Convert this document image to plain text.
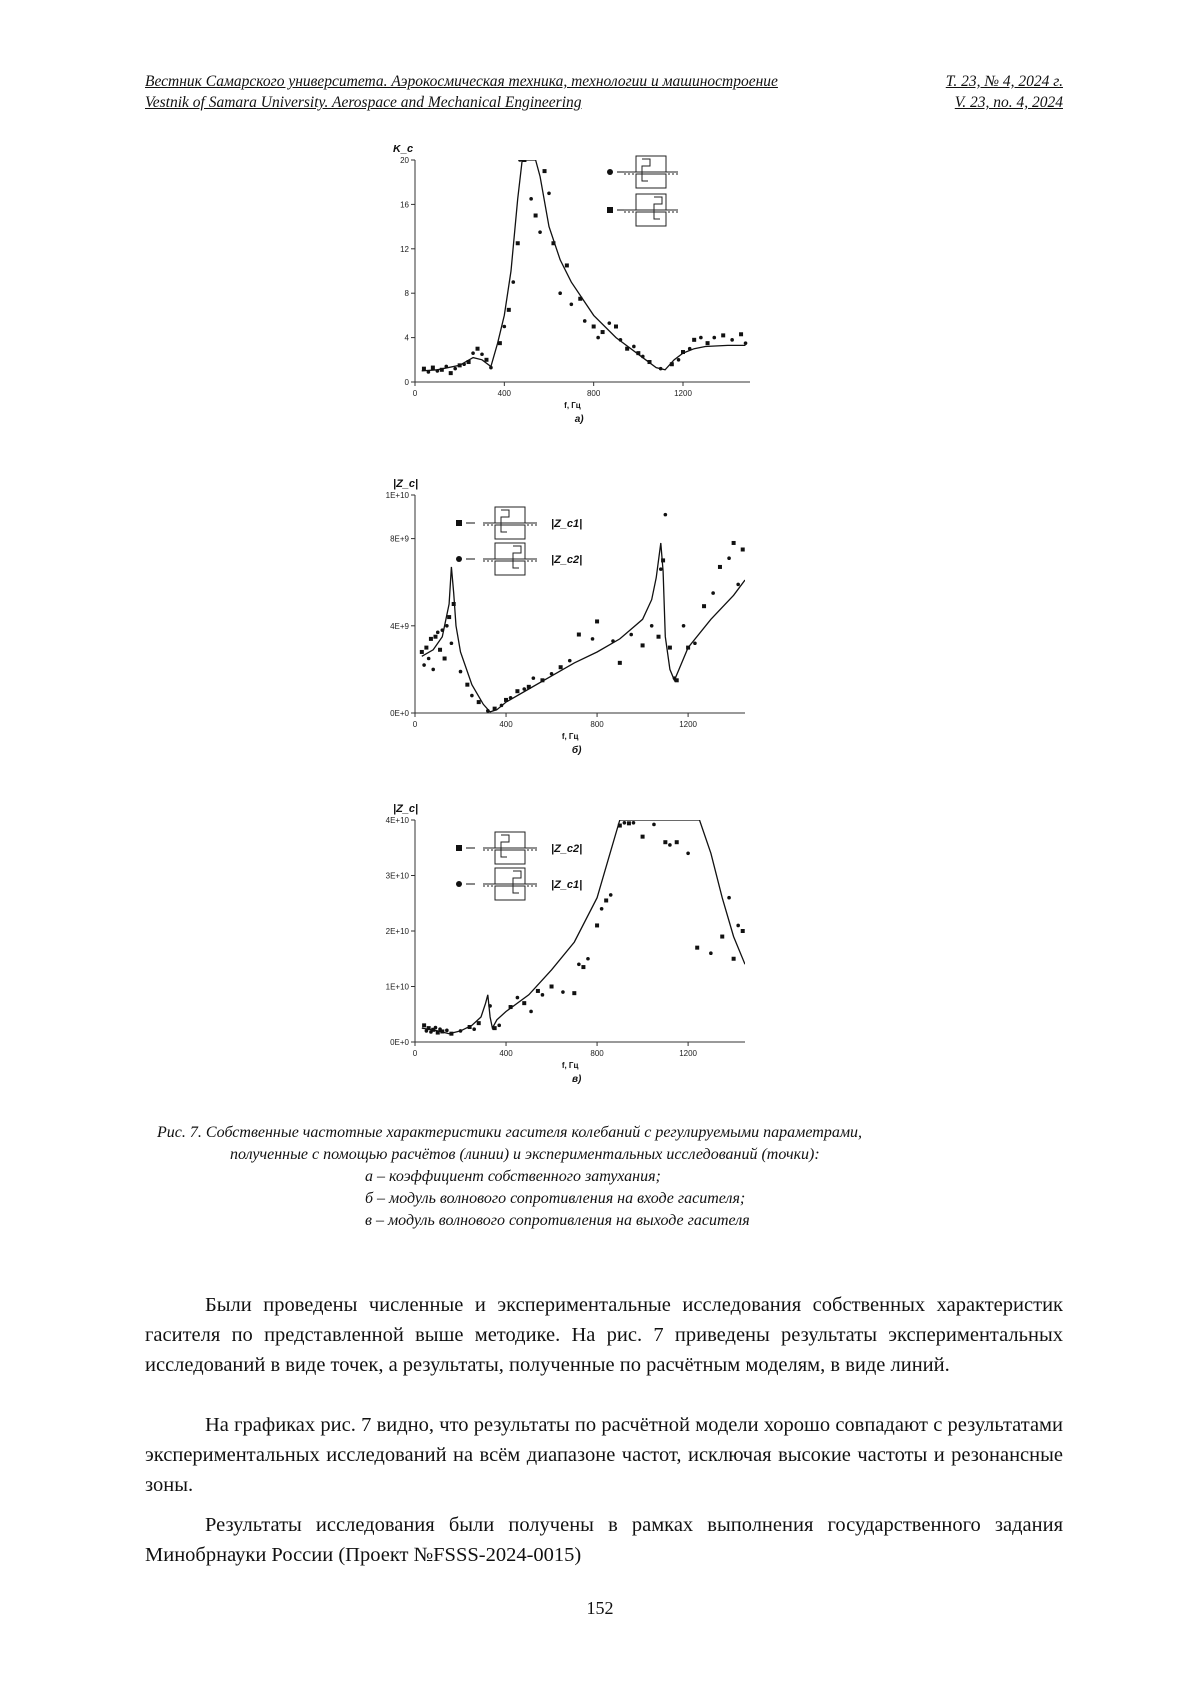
Вестник Самарского университета. Аэрокосмическая техника, технологии и машиностроение	Т. 23, № 4, 2024 г.
Vestnik of Samara University. Aerospace and Mechanical Engineering	V. 23, no. 4, 2024
0
4
8
12
16
20
0	400	800	1200
K_c
f, Гц
а)
0E+0
4E+9
8E+9
1E+10
0	400	800	1200
|Z_c|
f, Гц
б)
|Z_c1|
|Z_c2|
0E+0
1E+10
2E+10
3E+10
4E+10
0	400	800	1200
|Z_c|
f, Гц
в)
|Z_c2|
|Z_c1|
Рис. 7. Собственные частотные характеристики гасителя колебаний с регулируемыми параметрами,
полученные с помощью расчётов (линии) и экспериментальных исследований (точки):
а – коэффициент собственного затухания;
б – модуль волнового сопротивления на входе гасителя;
в – модуль волнового сопротивления на выходе гасителя
Были проведены численные и экспериментальные исследования собственных характеристик гасителя по представленной выше методике. На рис. 7 приведены результаты экспериментальных исследований в виде точек, а результаты, полученные по расчётным моделям, в виде линий.
На графиках рис. 7 видно, что результаты по расчётной модели хорошо совпадают с результатами экспериментальных исследований на всём диапазоне частот, исключая высокие частоты и резонансные зоны.
Результаты исследования были получены в рамках выполнения государственного задания Минобрнауки России (Проект №FSSS-2024-0015)
152
